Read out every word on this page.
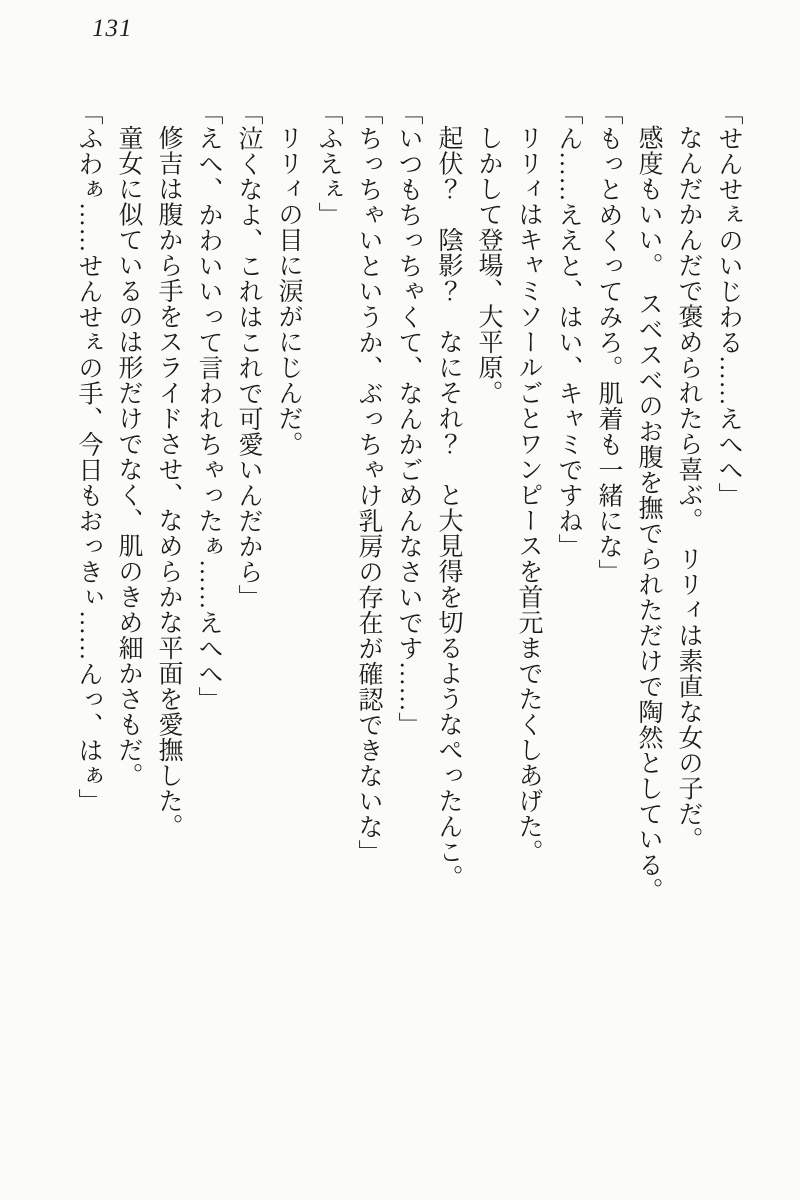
131

「せんせぇのいじわる……えへへ」

なんだかんだで褒められたら喜ぶ。　リリィは素直な女の子だ。

感度もいい。　スベスベのお腹を撫でられただけで陶然としている。

「もっとめくってみろ。肌着も一緒にな」

「ん……ええと、はい、キャミですね」

リリィはキャミソールごとワンピースを首元までたくしあげた。

しかして登場、大平原。

起伏？　陰影？　なにそれ？　と大見得を切るようなぺったんこ。

「いつもちっちゃくて、なんかごめんなさいです……」

「ちっちゃいというか、ぶっちゃけ乳房の存在が確認できないな」

「ふえぇ」

リリィの目に涙がにじんだ。

「泣くなよ、これはこれで可愛いんだから」

「えへ、かわいいって言われちゃったぁ……えへへ」

修吉は腹から手をスライドさせ、なめらかな平面を愛撫した。

童女に似ているのは形だけでなく、肌のきめ細かさもだ。

「ふわぁ……せんせぇの手、今日もおっきぃ……んっ、はぁ」
